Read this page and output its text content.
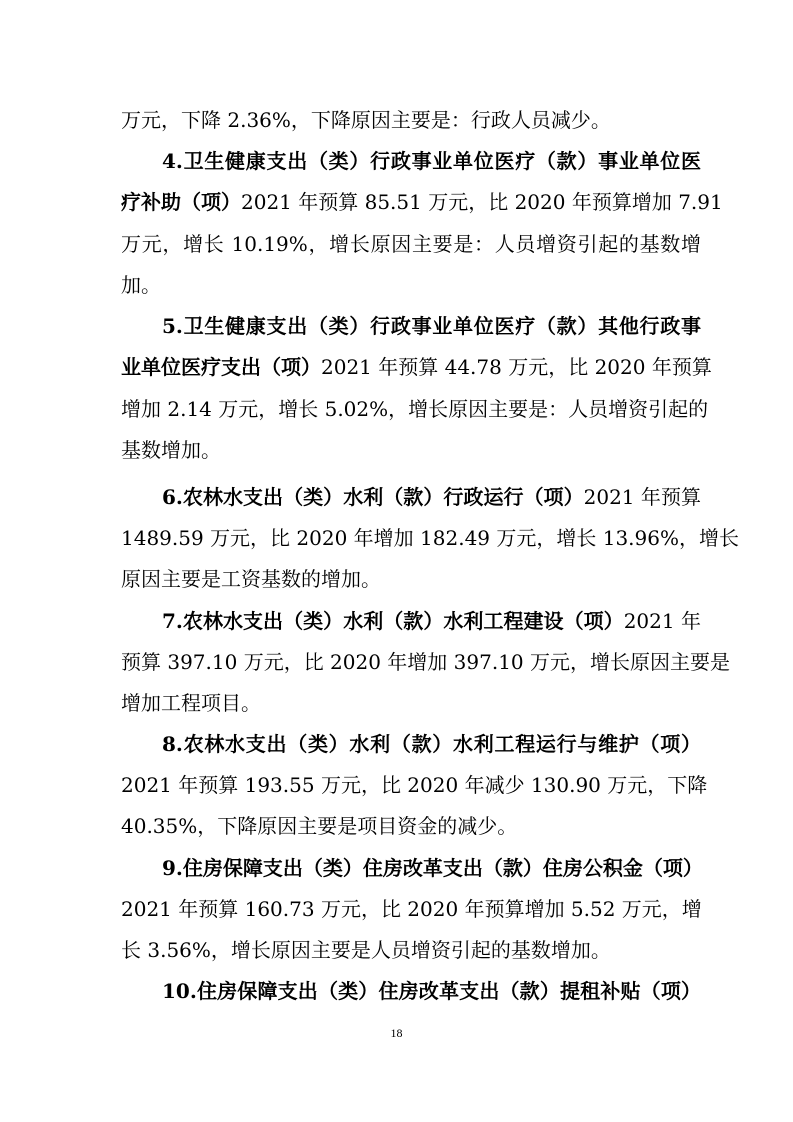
万元，下降 2.36%，下降原因主要是：行政人员减少。
4.卫生健康支出（类）行政事业单位医疗（款）事业单位医
疗补助（项）2021 年预算 85.51 万元，比 2020 年预算增加 7.91
万元，增长 10.19%，增长原因主要是：人员增资引起的基数增
加。
5.卫生健康支出（类）行政事业单位医疗（款）其他行政事
业单位医疗支出（项）2021 年预算 44.78 万元，比 2020 年预算
增加 2.14 万元，增长 5.02%，增长原因主要是：人员增资引起的
基数增加。
6.农林水支出（类）水利（款）行政运行（项）2021 年预算
1489.59 万元，比 2020 年增加 182.49 万元，增长 13.96%，增长
原因主要是工资基数的增加。
7.农林水支出（类）水利（款）水利工程建设（项）2021 年
预算 397.10 万元，比 2020 年增加 397.10 万元，增长原因主要是
增加工程项目。
8.农林水支出（类）水利（款）水利工程运行与维护（项）
2021 年预算 193.55 万元，比 2020 年减少 130.90 万元，下降
40.35%，下降原因主要是项目资金的减少。
9.住房保障支出（类）住房改革支出（款）住房公积金（项）
2021 年预算 160.73 万元，比 2020 年预算增加 5.52 万元，增
长 3.56%，增长原因主要是人员增资引起的基数增加。
10.住房保障支出（类）住房改革支出（款）提租补贴（项）
18
